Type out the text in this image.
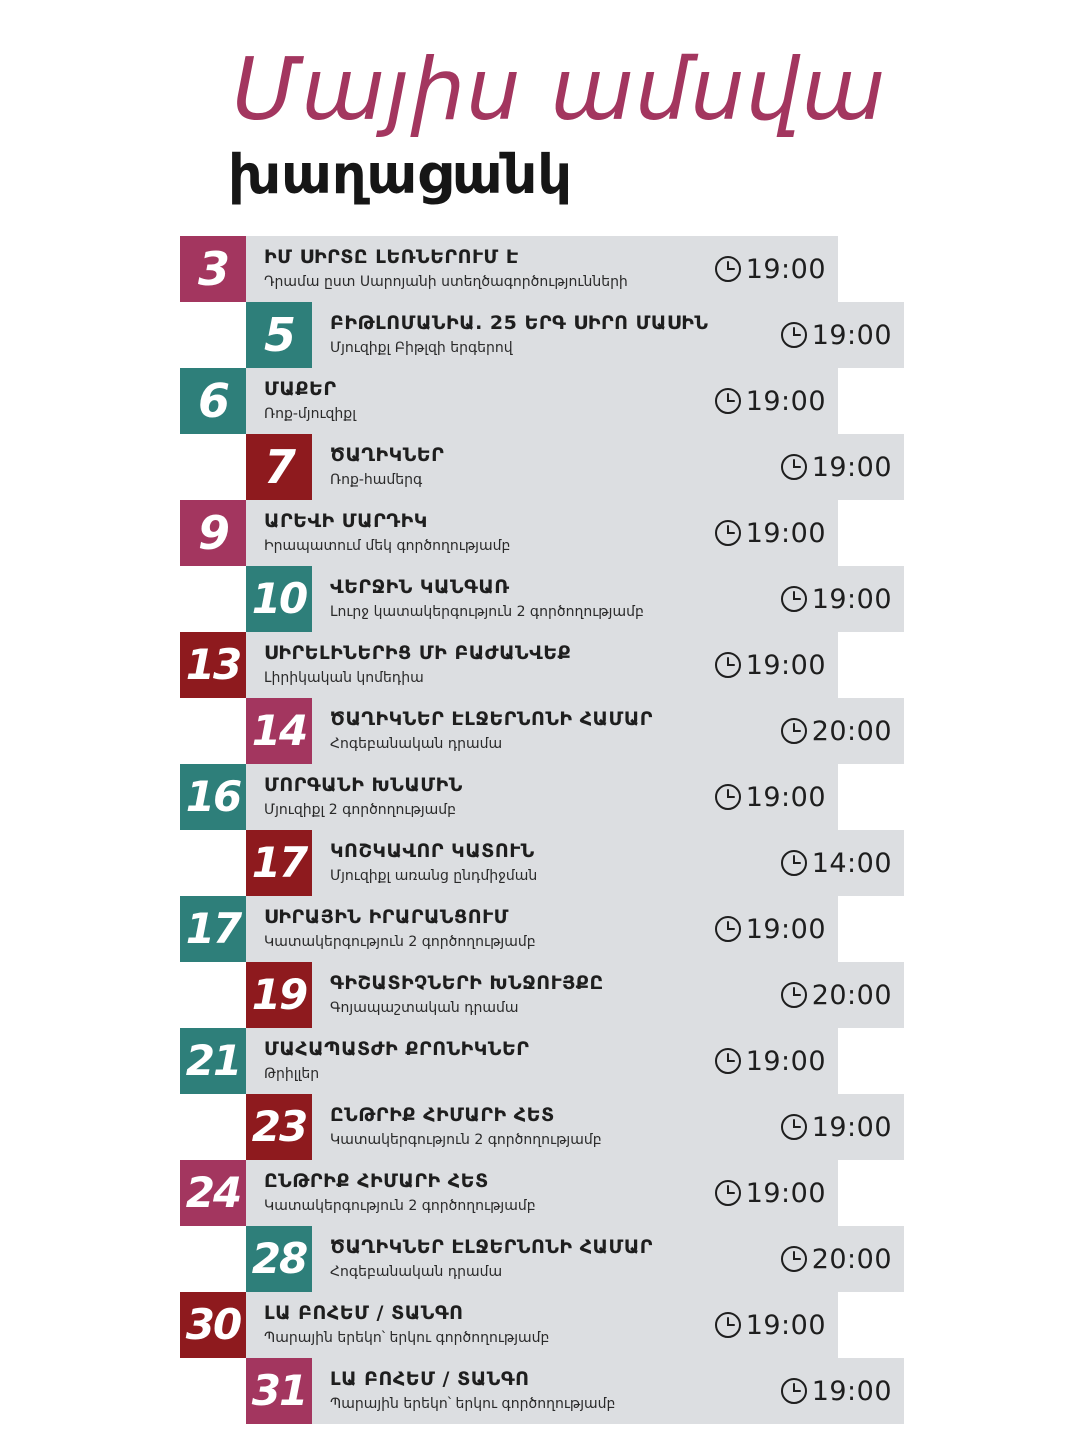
Մայիս ամսվա
խաղացանկ
3	ԻՄ ՍԻՐՏԸ ԼԵՌՆԵՐՈՒՄ Է
Դրամա ըստ Սարոյանի ստեղծագործությունների	19:00
5	ԲԻԹԼՈՄԱՆԻԱ. 25 ԵՐԳ ՍԻՐՈ ՄԱՍԻՆ
Մյուզիքլ Բիթլզի երգերով	19:00
6	ՄԱՔԵՐ
Ռոք-մյուզիքլ	19:00
7	ԾԱՂԻԿՆԵՐ
Ռոք-համերգ	19:00
9	ԱՐԵՎԻ ՄԱՐԴԻԿ
Իրապատում մեկ գործողությամբ	19:00
10	ՎԵՐՋԻՆ ԿԱՆԳԱՌ
Լուրջ կատակերգություն 2 գործողությամբ	19:00
13	ՍԻՐԵԼԻՆԵՐԻՑ ՄԻ ԲԱԺԱՆՎԵՔ
Լիրիկական կոմեդիա	19:00
14	ԾԱՂԻԿՆԵՐ ԷԼՋԵՐՆՈՆԻ ՀԱՄԱՐ
Հոգեբանական դրամա	20:00
16	ՄՈՐԳԱՆԻ ԽՆԱՄԻՆ
Մյուզիքլ 2 գործողությամբ	19:00
17	ԿՈՇԿԱՎՈՐ ԿԱՏՈՒՆ
Մյուզիքլ առանց ընդմիջման	14:00
17	ՍԻՐԱՅԻՆ ԻՐԱՐԱՆՑՈՒՄ
Կատակերգություն 2 գործողությամբ	19:00
19	ԳԻՇԱՏԻՉՆԵՐԻ ԽՆՋՈՒՅՔԸ
Գոյապաշտական դրամա	20:00
21	ՄԱՀԱՊԱՏԺԻ ՔՐՈՆԻԿՆԵՐ
Թրիլլեր	19:00
23	ԸՆԹՐԻՔ ՀԻՄԱՐԻ ՀԵՏ
Կատակերգություն 2 գործողությամբ	19:00
24	ԸՆԹՐԻՔ ՀԻՄԱՐԻ ՀԵՏ
Կատակերգություն 2 գործողությամբ	19:00
28	ԾԱՂԻԿՆԵՐ ԷԼՋԵՐՆՈՆԻ ՀԱՄԱՐ
Հոգեբանական դրամա	20:00
30	ԼԱ ԲՈՀԵՄ / ՏԱՆԳՈ
Պարային երեկո՝ երկու գործողությամբ	19:00
31	ԼԱ ԲՈՀԵՄ / ՏԱՆԳՈ
Պարային երեկո՝ երկու գործողությամբ	19:00
